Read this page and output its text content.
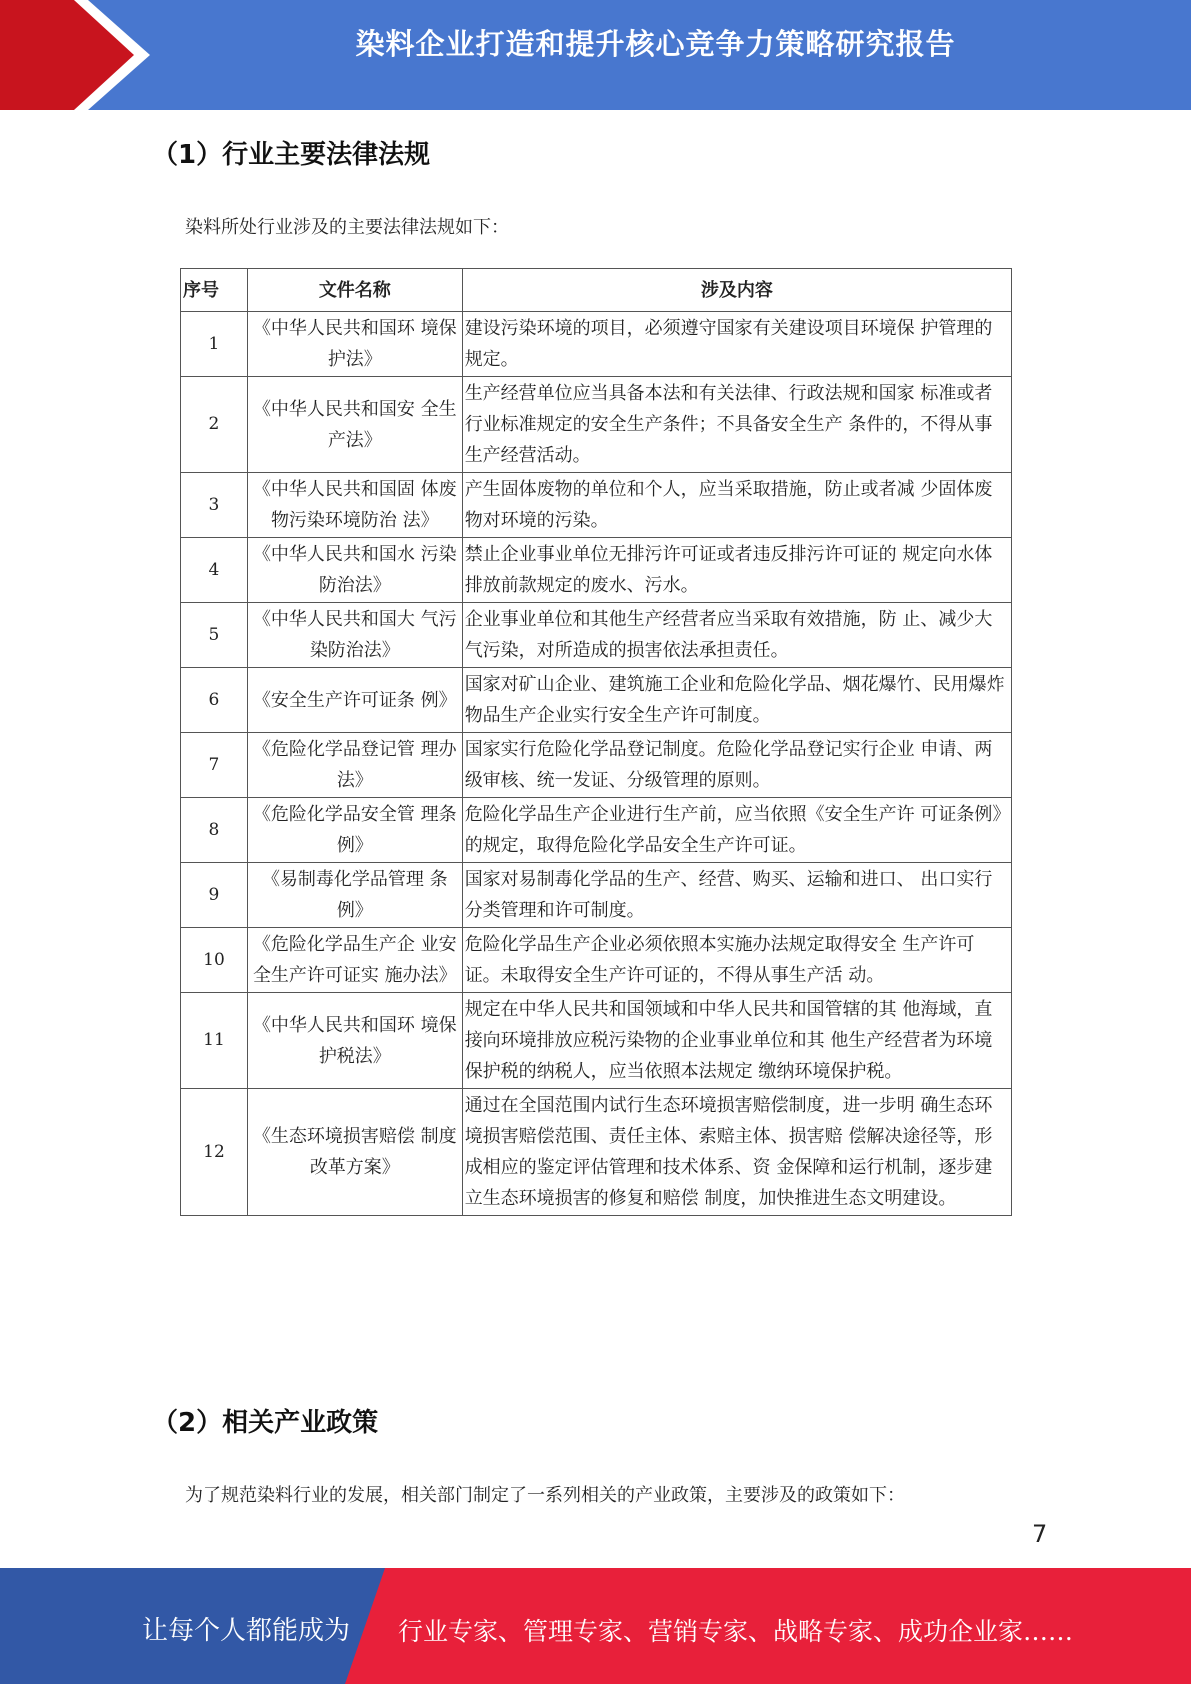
染料企业打造和提升核心竞争力策略研究报告
（1）行业主要法律法规
染料所处行业涉及的主要法律法规如下：
序号	文件名称	涉及内容
1	《中华人民共和国环 境保护法》	建设污染环境的项目，必须遵守国家有关建设项目环境保 护管理的规定。
2	《中华人民共和国安 全生产法》	生产经营单位应当具备本法和有关法律、行政法规和国家 标准或者行业标准规定的安全生产条件；不具备安全生产 条件的，不得从事生产经营活动。
3	《中华人民共和国固 体废物污染环境防治 法》	产生固体废物的单位和个人，应当采取措施，防止或者减 少固体废物对环境的污染。
4	《中华人民共和国水 污染防治法》	禁止企业事业单位无排污许可证或者违反排污许可证的 规定向水体排放前款规定的废水、污水。
5	《中华人民共和国大 气污染防治法》	企业事业单位和其他生产经营者应当采取有效措施，防 止、减少大气污染，对所造成的损害依法承担责任。
6	《安全生产许可证条 例》	国家对矿山企业、建筑施工企业和危险化学品、烟花爆竹、民用爆炸物品生产企业实行安全生产许可制度。
7	《危险化学品登记管 理办法》	国家实行危险化学品登记制度。危险化学品登记实行企业 申请、两级审核、统一发证、分级管理的原则。
8	《危险化学品安全管 理条例》	危险化学品生产企业进行生产前，应当依照《安全生产许 可证条例》的规定，取得危险化学品安全生产许可证。
9	《易制毒化学品管理 条例》	国家对易制毒化学品的生产、经营、购买、运输和进口、 出口实行分类管理和许可制度。
10	《危险化学品生产企 业安全生产许可证实 施办法》	危险化学品生产企业必须依照本实施办法规定取得安全 生产许可证。未取得安全生产许可证的，不得从事生产活 动。
11	《中华人民共和国环 境保护税法》	规定在中华人民共和国领域和中华人民共和国管辖的其 他海域，直接向环境排放应税污染物的企业事业单位和其 他生产经营者为环境保护税的纳税人，应当依照本法规定 缴纳环境保护税。
12	《生态环境损害赔偿 制度改革方案》	通过在全国范围内试行生态环境损害赔偿制度，进一步明 确生态环境损害赔偿范围、责任主体、索赔主体、损害赔 偿解决途径等，形成相应的鉴定评估管理和技术体系、资 金保障和运行机制，逐步建立生态环境损害的修复和赔偿 制度，加快推进生态文明建设。
（2）相关产业政策
为了规范染料行业的发展，相关部门制定了一系列相关的产业政策，主要涉及的政策如下：
7
让每个人都能成为 行业专家、管理专家、营销专家、战略专家、成功企业家……
